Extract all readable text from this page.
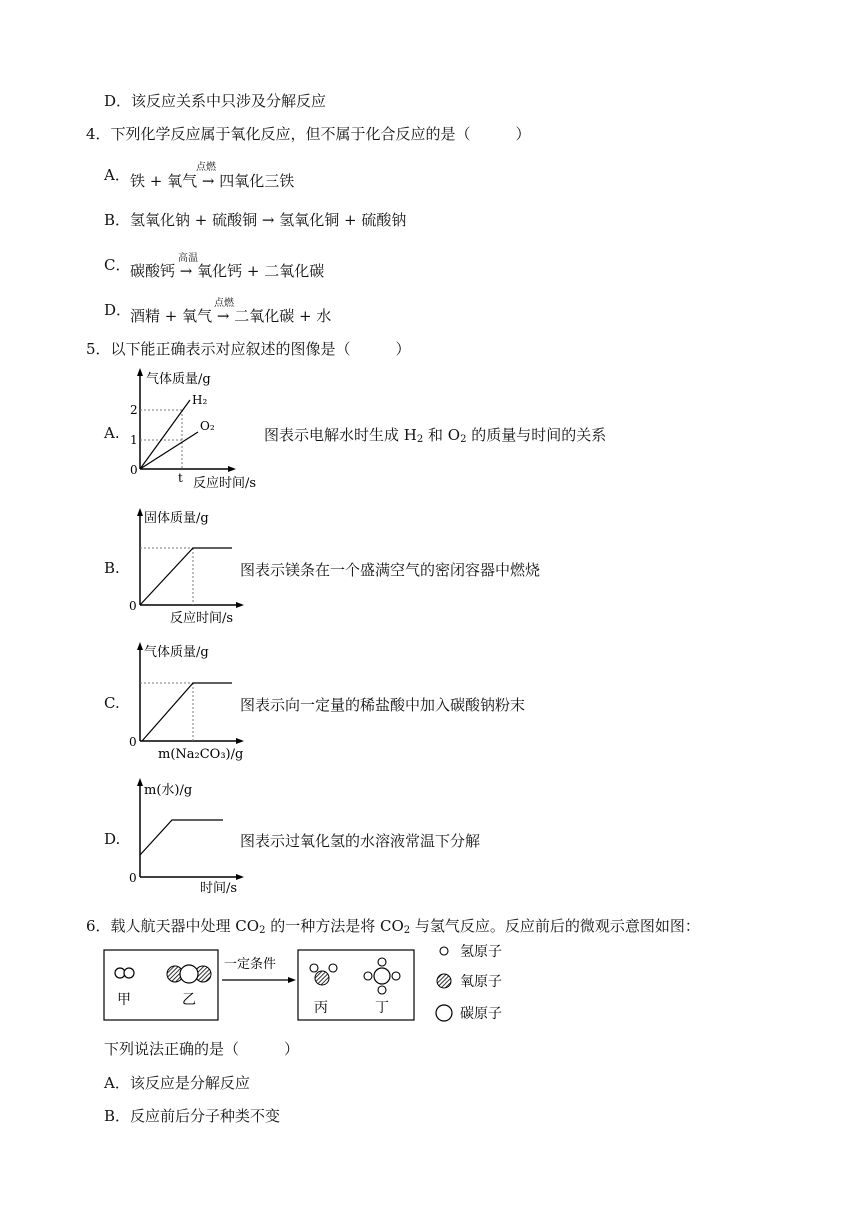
D．该反应关系中只涉及分解反应
4．下列化学反应属于氧化反应，但不属于化合反应的是（　　　）
A．	点燃
铁 + 氧气 → 四氧化三铁
B． 氢氧化钠 + 硫酸铜 → 氢氧化铜 + 硫酸钠
C．	高温
碳酸钙 → 氧化钙 + 二氧化碳
D．	点燃
酒精 + 氧气 → 二氧化碳 + 水
5．以下能正确表示对应叙述的图像是（　　　）
A.
气体质量/g
反应时间/s
2
1
0
t
H₂
O₂	图表示电解水时生成 $H_2$ 和 $O_2$ 的质量与时间的关系
B.
固体质量/g
反应时间/s
0
图表示镁条在一个盛满空气的密闭容器中燃烧
C.
气体质量/g
m(Na₂CO₃)/g
0
图表示向一定量的稀盐酸中加入碳酸钠粉末
D.
m(水)/g
时间/s
0
图表示过氧化氢的水溶液常温下分解
6．载人航天器中处理 $CO_2$ 的一种方法是将 $CO_2$ 与氢气反应。反应前后的微观示意图如图：
甲	乙
一定条件
丙	丁
氢原子
氧原子
碳原子
下列说法正确的是（　　　）
A．该反应是分解反应
B．反应前后分子种类不变
